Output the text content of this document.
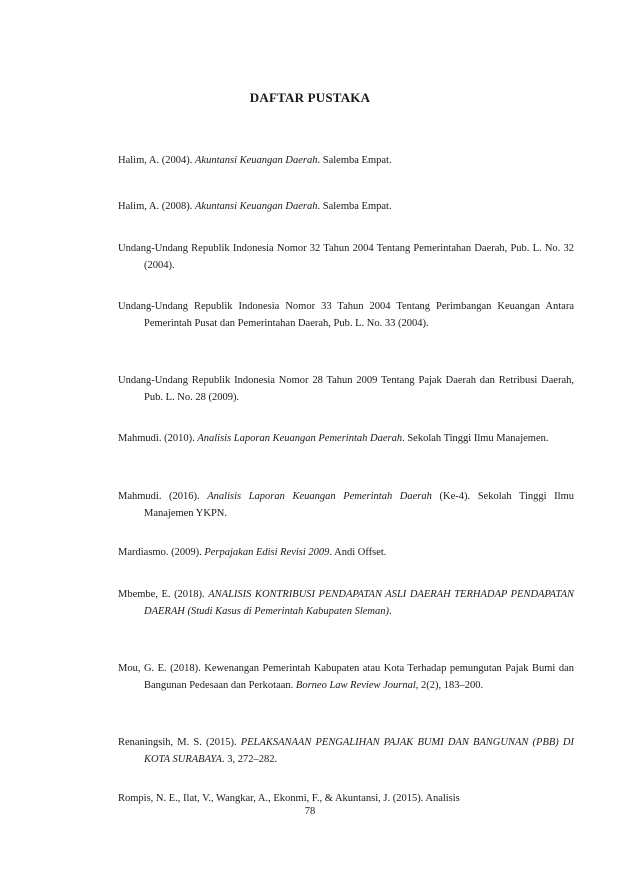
DAFTAR PUSTAKA
Halim, A. (2004). Akuntansi Keuangan Daerah. Salemba Empat.
Halim, A. (2008). Akuntansi Keuangan Daerah. Salemba Empat.
Undang-Undang Republik Indonesia Nomor 32 Tahun 2004 Tentang Pemerintahan Daerah, Pub. L. No. 32 (2004).
Undang-Undang Republik Indonesia Nomor 33 Tahun 2004 Tentang Perimbangan Keuangan Antara Pemerintah Pusat dan Pemerintahan Daerah, Pub. L. No. 33 (2004).
Undang-Undang Republik Indonesia Nomor 28 Tahun 2009 Tentang Pajak Daerah dan Retribusi Daerah, Pub. L. No. 28 (2009).
Mahmudi. (2010). Analisis Laporan Keuangan Pemerintah Daerah. Sekolah Tinggi Ilmu Manajemen.
Mahmudi. (2016). Analisis Laporan Keuangan Pemerintah Daerah (Ke-4). Sekolah Tinggi Ilmu Manajemen YKPN.
Mardiasmo. (2009). Perpajakan Edisi Revisi 2009. Andi Offset.
Mbembe, E. (2018). ANALISIS KONTRIBUSI PENDAPATAN ASLI DAERAH TERHADAP PENDAPATAN DAERAH (Studi Kasus di Pemerintah Kabupaten Sleman).
Mou, G. E. (2018). Kewenangan Pemerintah Kabupaten atau Kota Terhadap pemungutan Pajak Bumi dan Bangunan Pedesaan dan Perkotaan. Borneo Law Review Journal, 2(2), 183–200.
Renaningsih, M. S. (2015). PELAKSANAAN PENGALIHAN PAJAK BUMI DAN BANGUNAN (PBB) DI KOTA SURABAYA. 3, 272–282.
Rompis, N. E., Ilat, V., Wangkar, A., Ekonmi, F., & Akuntansi, J. (2015). Analisis
78
